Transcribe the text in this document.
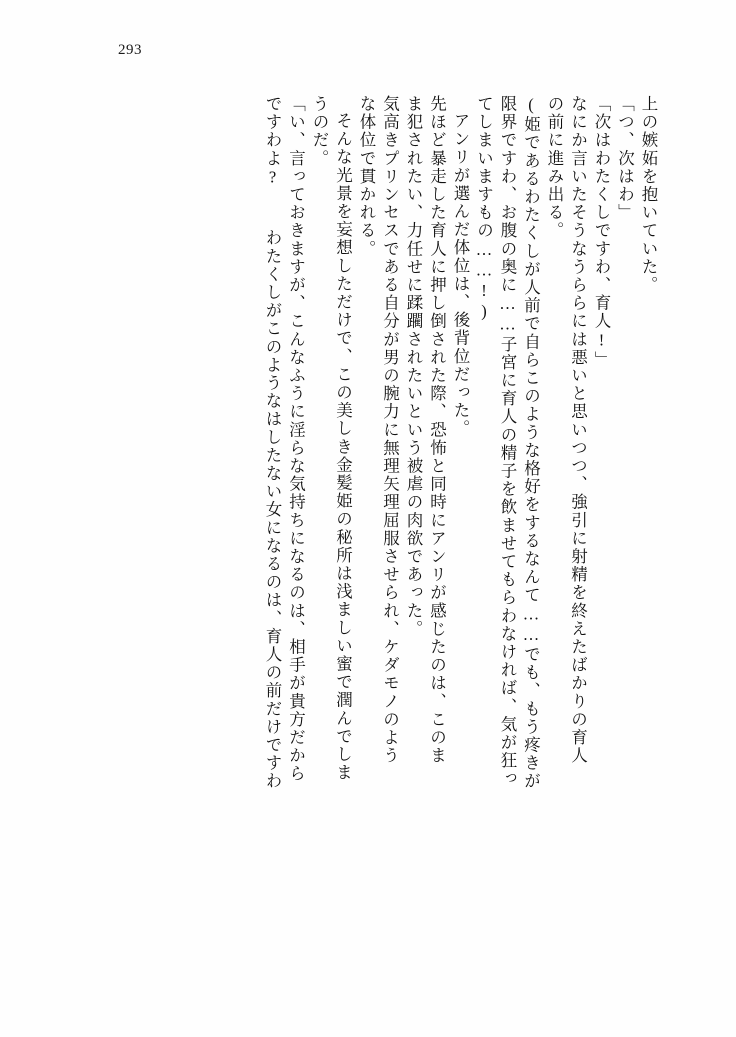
293
上の嫉妬を抱いていた。
「つ、次はわ」
「次はわたくしですわ、育人!」
なにか言いたそうなうららには悪いと思いつつ、強引に射精を終えたばかりの育人
の前に進み出る。
(姫であるわたくしが人前で自らこのような格好をするなんて……でも、もう疼きが
限界ですわ、お腹の奥に……子宮に育人の精子を飲ませてもらわなければ、気が狂っ
てしまいますもの……!)
アンリが選んだ体位は、後背位だった。
先ほど暴走した育人に押し倒された際、恐怖と同時にアンリが感じたのは、このま
ま犯されたい、力任せに蹂躙されたいという被虐の肉欲であった。
気高きプリンセスである自分が男の腕力に無理矢理屈服させられ、ケダモノのよう
な体位で貫かれる。
そんな光景を妄想しただけで、この美しき金髪姫の秘所は浅ましい蜜で潤んでしま
うのだ。
「い、言っておきますが、こんなふうに淫らな気持ちになるのは、相手が貴方だから
ですわよ?  わたくしがこのようなはしたない女になるのは、育人の前だけですわ
